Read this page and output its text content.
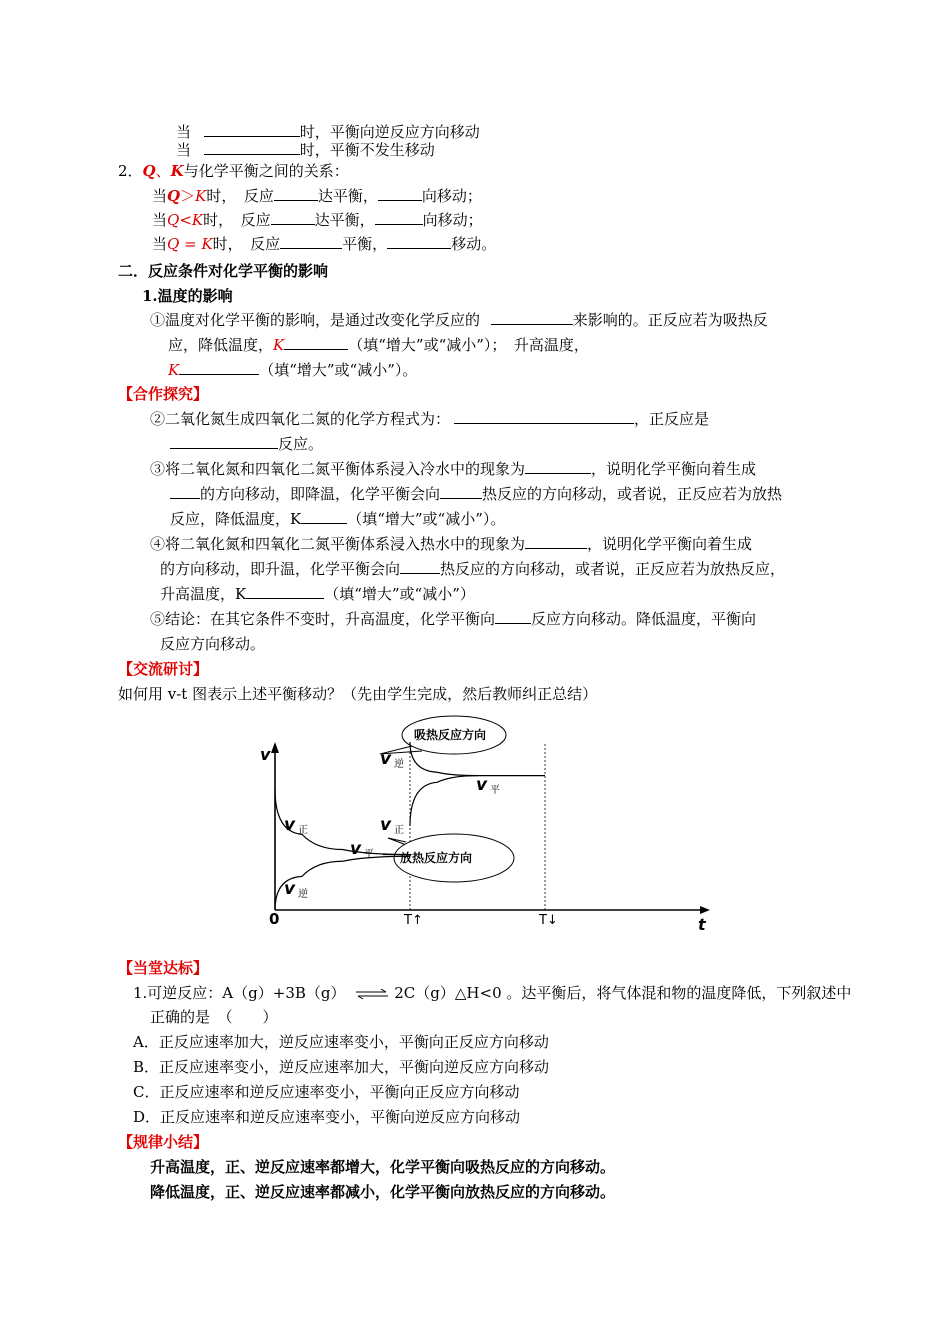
当	时，平衡向逆反应方向移动
当	时，平衡不发生移动
2．Q、K与化学平衡之间的关系：
当Q＞K时，　反应	达平衡，	向移动；
当Q<K时，　反应	达平衡，	向移动；
当Q = K时，　反应	平衡，	移动。
二．反应条件对化学平衡的影响
1.温度的影响
①温度对化学平衡的影响，是通过改变化学反应的	来影响的。正反应若为吸热反
应，降低温度，K	（填“增大”或“减小”）；　升高温度，
K	（填“增大”或“减小”）。
【合作探究】
②二氧化氮生成四氧化二氮的化学方程式为：	，正反应是
反应。
③将二氧化氮和四氧化二氮平衡体系浸入冷水中的现象为	，说明化学平衡向着生成
的方向移动，即降温，化学平衡会向	热反应的方向移动，或者说，正反应若为放热
反应，降低温度，K	（填“增大”或“减小”）。
④将二氧化氮和四氧化二氮平衡体系浸入热水中的现象为	，说明化学平衡向着生成
的方向移动，即升温，化学平衡会向	热反应的方向移动，或者说，正反应若为放热反应，
升高温度，K	（填“增大”或“减小”）
⑤结论：在其它条件不变时，升高温度，化学平衡向 反应方向移动。降低温度，平衡向
反应方向移动。
【交流研讨】
如何用 v-t 图表示上述平衡移动？（先由学生完成，然后教师纠正总结）
v
t
0	T↑	T↓
v 正
v 逆
v 平
v 逆
v 正
v 平
吸热反应方向
放热反应方向
【当堂达标】
1.可逆反应：A（g）+3B（g） ⇌ 2C（g）△H<0 。达平衡后，将气体混和物的温度降低，下列叙述中
正确的是　（　　）
A．正反应速率加大，逆反应速率变小，平衡向正反应方向移动
B．正反应速率变小，逆反应速率加大，平衡向逆反应方向移动
C．正反应速率和逆反应速率变小，平衡向正反应方向移动
D．正反应速率和逆反应速率变小，平衡向逆反应方向移动
【规律小结】
升高温度，正、逆反应速率都增大，化学平衡向吸热反应的方向移动。
降低温度，正、逆反应速率都减小，化学平衡向放热反应的方向移动。
